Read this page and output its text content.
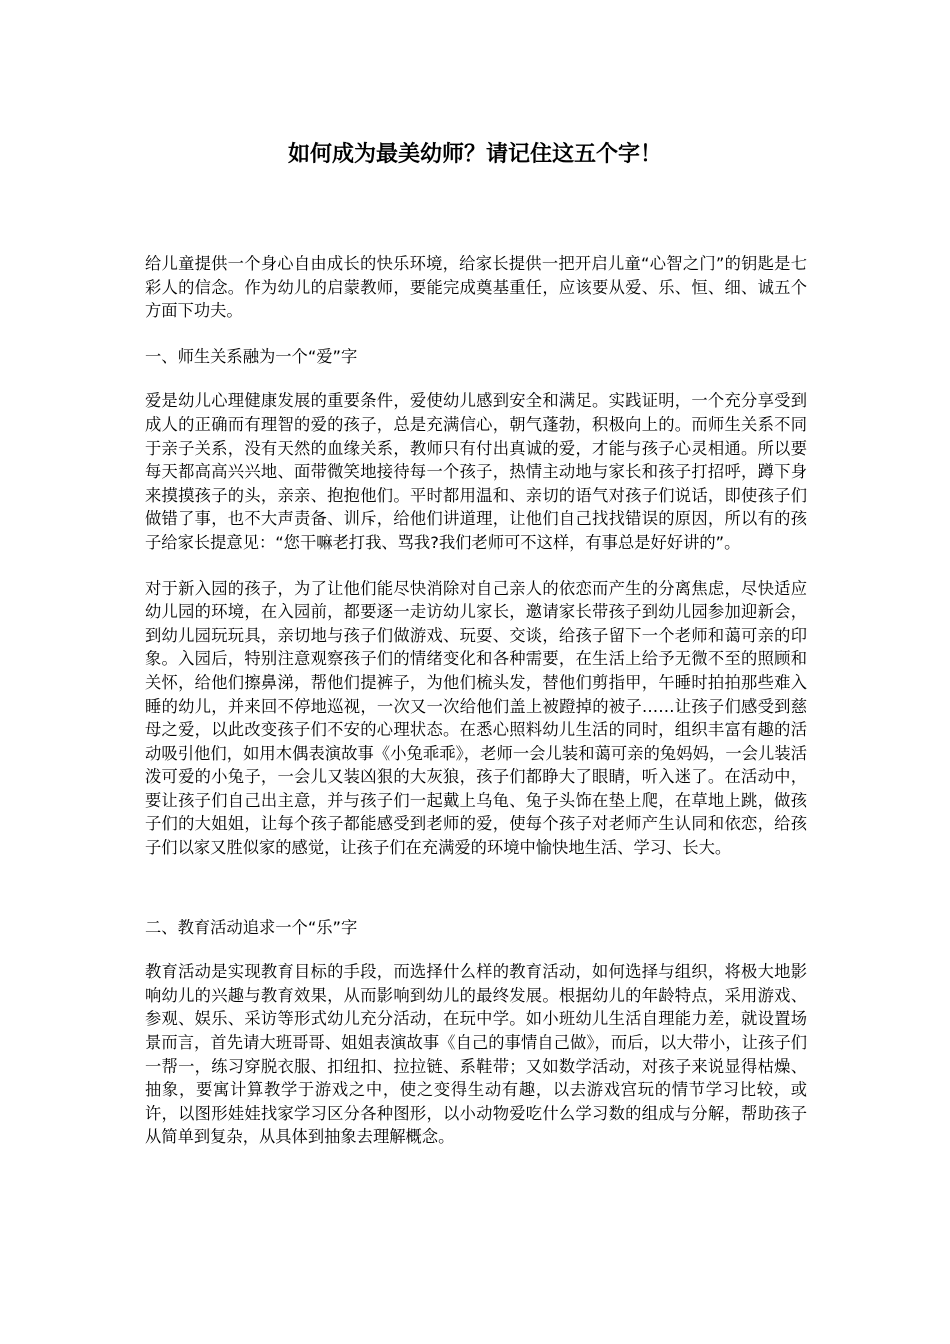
如何成为最美幼师？请记住这五个字！

给儿童提供一个身心自由成长的快乐环境，给家长提供一把开启儿童“心智之门”的钥匙是七彩人的信念。作为幼儿的启蒙教师，要能完成奠基重任，应该要从爱、乐、恒、细、诚五个方面下功夫。

一、师生关系融为一个“爱”字

爱是幼儿心理健康发展的重要条件，爱使幼儿感到安全和满足。实践证明，一个充分享受到成人的正确而有理智的爱的孩子，总是充满信心，朝气蓬勃，积极向上的。而师生关系不同于亲子关系，没有天然的血缘关系，教师只有付出真诚的爱，才能与孩子心灵相通。所以要每天都高高兴兴地、面带微笑地接待每一个孩子，热情主动地与家长和孩子打招呼，蹲下身来摸摸孩子的头，亲亲、抱抱他们。平时都用温和、亲切的语气对孩子们说话，即使孩子们做错了事，也不大声责备、训斥，给他们讲道理，让他们自己找找错误的原因，所以有的孩子给家长提意见：“您干嘛老打我、骂我?我们老师可不这样，有事总是好好讲的”。

对于新入园的孩子，为了让他们能尽快消除对自己亲人的依恋而产生的分离焦虑，尽快适应幼儿园的环境，在入园前，都要逐一走访幼儿家长，邀请家长带孩子到幼儿园参加迎新会，到幼儿园玩玩具，亲切地与孩子们做游戏、玩耍、交谈，给孩子留下一个老师和蔼可亲的印象。入园后，特别注意观察孩子们的情绪变化和各种需要，在生活上给予无微不至的照顾和关怀，给他们擦鼻涕，帮他们提裤子，为他们梳头发，替他们剪指甲，午睡时拍拍那些难入睡的幼儿，并来回不停地巡视，一次又一次给他们盖上被蹬掉的被子……让孩子们感受到慈母之爱，以此改变孩子们不安的心理状态。在悉心照料幼儿生活的同时，组织丰富有趣的活动吸引他们，如用木偶表演故事《小兔乖乖》，老师一会儿装和蔼可亲的兔妈妈，一会儿装活泼可爱的小兔子，一会儿又装凶狠的大灰狼，孩子们都睁大了眼睛，听入迷了。在活动中，要让孩子们自己出主意，并与孩子们一起戴上乌龟、兔子头饰在垫上爬，在草地上跳，做孩子们的大姐姐，让每个孩子都能感受到老师的爱，使每个孩子对老师产生认同和依恋，给孩子们以家又胜似家的感觉，让孩子们在充满爱的环境中愉快地生活、学习、长大。

二、教育活动追求一个“乐”字

教育活动是实现教育目标的手段，而选择什么样的教育活动，如何选择与组织，将极大地影响幼儿的兴趣与教育效果，从而影响到幼儿的最终发展。根据幼儿的年龄特点，采用游戏、参观、娱乐、采访等形式幼儿充分活动，在玩中学。如小班幼儿生活自理能力差，就设置场景而言，首先请大班哥哥、姐姐表演故事《自己的事情自己做》，而后，以大带小，让孩子们一帮一，练习穿脱衣服、扣纽扣、拉拉链、系鞋带；又如数学活动，对孩子来说显得枯燥、抽象，要寓计算教学于游戏之中，使之变得生动有趣，以去游戏宫玩的情节学习比较，或许，以图形娃娃找家学习区分各种图形，以小动物爱吃什么学习数的组成与分解，帮助孩子从简单到复杂，从具体到抽象去理解概念。
